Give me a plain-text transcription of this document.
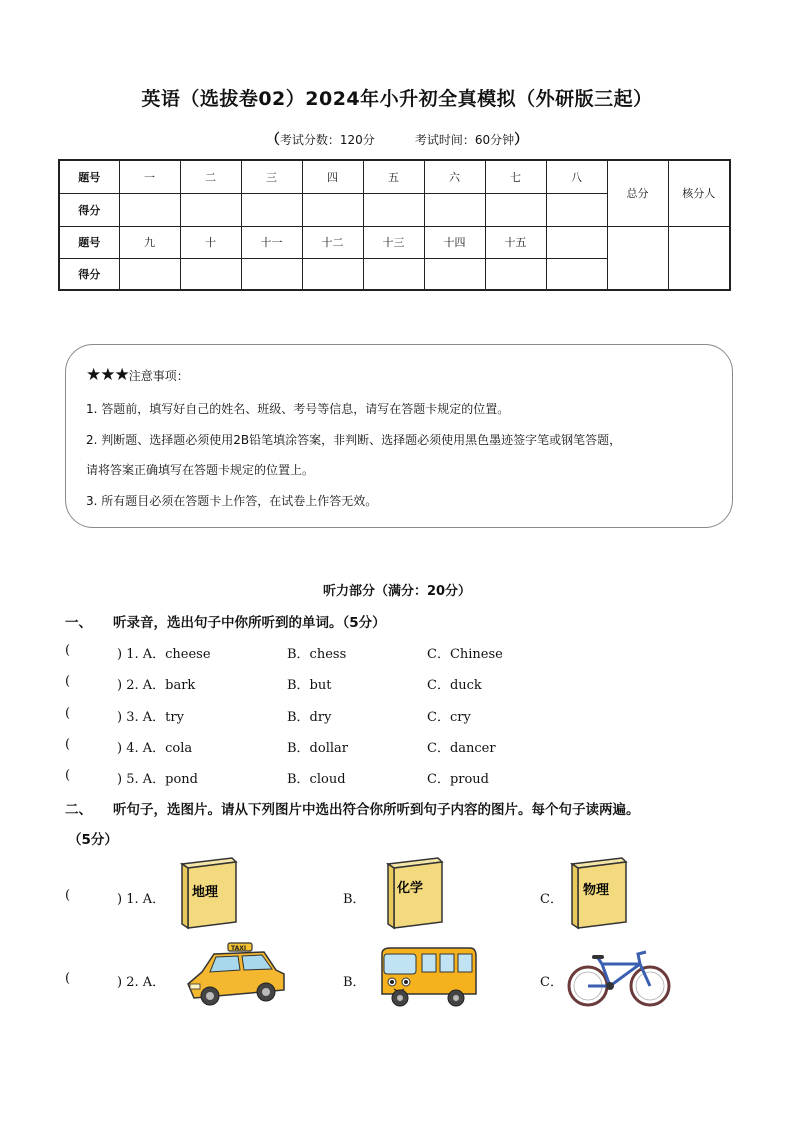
英语（选拔卷02）2024年小升初全真模拟（外研版三起）
（考试分数：120分	考试时间：60分钟）
题号	一	二	三	四	五	六	七	八	总分	核分人
得分										
题号	九	十	十一	十二	十三	十四	十五			
得分										
★★★注意事项：
1. 答题前，填写好自己的姓名、班级、考号等信息，请写在答题卡规定的位置。
2. 判断题、选择题必须使用2B铅笔填涂答案，非判断、选择题必须使用黑色墨迹签字笔或钢笔答题，
请将答案正确填写在答题卡规定的位置上。
3. 所有题目必须在答题卡上作答，在试卷上作答无效。
听力部分（满分：20分）
一、 听录音，选出句子中你所听到的单词。（5分）
(	) 1. A．cheese	B．chess	C．Chinese
(	) 2. A．bark	B．but	C．duck
(	) 3. A．try	B．dry	C．cry
(	) 4. A．cola	B．dollar	C．dancer
(	) 5. A．pond	B．cloud	C．proud
二、 听句子，选图片。请从下列图片中选出符合你所听到句子内容的图片。每个句子读两遍。
（5分）
(	) 1. A．	B．	C．
地理	化学	物理
(	) 2. A．	B．	C．
TAXI
